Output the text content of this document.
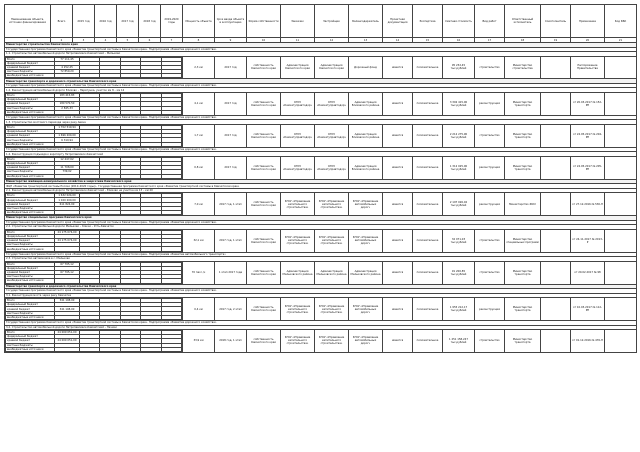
Наименование объекта, источник финансирования	Всего	2015 год	2016 год	2017 год	2018 год	2019-2020 годы	Мощность объекта	Срок ввода объекта в эксплуатацию	Форма собственности	Заказчик	Застройщик	Балансодержатель	Проектная документация	Экспертиза	Сметная стоимость	Вид работ	Ответственный исполнитель	Соисполнитель	Примечание	Код КБК
1	2	3	4	5	6	7	8	9	10	11	12	13	14	15	16	17	18	19	20	21
Министерство строительства Камчатского края
Государственная программа Камчатского края «Развитие транспортной системы в Камчатском крае». Подпрограмма «Развитие дорожного хозяйства»
1.1. Строительство автомобильной дороги Петропавловск-Камчатский – Мильково

Всего	77 111,45					
федеральный бюджет						
краевой бюджет	4 252,25					
местные бюджеты	72 859,20					
внебюджетные источники						
	2,3 км	2017 год	собственность Камчатского края	Администрация Камчатского края	Администрация Камчатского края	Дорожный фонд	имеется	положительное	95 232,45 тыс.рублей	строительство	Министерство строительства		Распоряжение Правительства	
Министерство транспорта и дорожного строительства Камчатского края
Государственная программа Камчатского края «Развитие транспортной системы в Камчатском крае». Подпрограмма «Развитие дорожного хозяйства»
1.2. Реконструкция автомобильной дороги Елизово – Паратунка, участок км 8 – км 12

Всего	183 415,83					
федеральный бюджет						
краевой бюджет	180 570,50					
местные бюджеты	2 845,33					
внебюджетные источники						
	4,1 км	2017 год	собственность Камчатского края	КГКУ «Камчатуправтодор»	КГКУ «Камчатуправтодор»	Администрация Елизовского района	имеется	положительное	3 302 415,00 тыс.рублей	реконструкция	Министерство транспорта		от 20.03.2017 № 152-РП	
Государственная программа Камчатского края «Развитие транспортной системы в Камчатском крае». Подпрограмма «Развитие дорожного хозяйства»
1.3. Строительство мостового перехода через реку Авача

Всего	1 702 519,94					
федеральный бюджет						
краевой бюджет	1 696 200,00					
местные бюджеты	6 319,94					
внебюджетные источники						
	1,7 км	2017 год	собственность Камчатского края	КГКУ «Камчатуправтодор»	КГКУ «Камчатуправтодор»	Администрация Елизовского района	имеется	положительное	2 212 275,90 тыс.рублей	строительство	Министерство транспорта		от 24.05.2017 № 204-РП	
Государственная программа Камчатского края «Развитие транспортной системы в Камчатском крае». Подпрограмма «Развитие дорожного хозяйства»
1.4. Реконструкция подъезда к аэропорту Петропавловск-Камчатский

Всего	12 447,02					
федеральный бюджет						
краевой бюджет	11 708,00					
местные бюджеты	739,02					
внебюджетные источники						
	0,8 км	2017 год	собственность Камчатского края	КГКУ «Камчатуправтодор»	КГКУ «Камчатуправтодор»	Администрация Елизовского района	имеется	положительное	1 312 025,00 тыс.рублей	реконструкция	Министерство транспорта		от 24.05.2017 № 205-РП	
Министерство жилищно-коммунального хозяйства и энергетики Камчатского края
ФЦП «Развитие транспортной системы России (2010–2020 годы)». Государственная программа Камчатского края «Развитие транспортной системы в Камчатском крае»
2.1. Реконструкция автомобильной дороги Петропавловск-Камчатский – Елизово на участке км 13 – км 20

Всего	1 632 024,00					
федеральный бюджет	1 020 200,00					
краевой бюджет	611 824,00					
местные бюджеты						
внебюджетные источники						
	7,0 км	2017 год, 1 этап	собственность Камчатского края	КГКУ «Управление капитального строительства»	КГКУ «Управление капитального строительства»	КГКУ «Управление автомобильных дорог»	имеется	положительное	2 197 026,02 тыс.рублей	реконструкция	Министерство ЖКХ		от 27.12.2016 № 530-П	
Министерство специальных программ Камчатского края
Государственная программа Камчатского края «Развитие транспортной системы в Камчатском крае». Подпрограмма «Развитие дорожного хозяйства»
2.2. Строительство автомобильной дороги Мильково – Ключи – Усть-Камчатск

Всего	24 175 074,00					
федеральный бюджет						
краевой бюджет	24 175 074,00					
местные бюджеты						
внебюджетные источники						
	32,1 км	2017 год, 1 этап	собственность Камчатского края	КГКУ «Управление капитального строительства»	КГКУ «Управление капитального строительства»	КГКУ «Управление автомобильных дорог»	имеется	положительное	32 071,03 тыс.рублей	строительство	Министерство специальных программ		от 24.11.2017 № 2013-Р	
Государственная программа Камчатского края «Развитие транспортной системы в Камчатском крае». Подпрограмма «Развитие автомобильного транспорта»
2.3. Строительство автовокзала в с. Мильково

Всего	67 795,12					
федеральный бюджет						
краевой бюджет	67 795,12					
местные бюджеты						
внебюджетные источники						
	70 пасс./ч	1 этап 2017 года	собственность Камчатского края	Администрация Мильковского района	Администрация Мильковского района	Администрация Мильковского района	имеется	положительное	91 200,85 тыс.рублей	строительство	Министерство транспорта		от 20.02.2017 № 98	
Министерство транспорта и дорожного строительства Камчатского края
Государственная программа Камчатского края «Развитие транспортной системы в Камчатском крае». Подпрограмма «Развитие дорожного хозяйства»
3.1. Реконструкция моста через реку Камчатка

Всего	341 108,00					
федеральный бюджет						
краевой бюджет	341 108,00					
местные бюджеты						
внебюджетные источники						
	0,4 км	2017 год, 2 этап	собственность Камчатского края	КГКУ «Управление капитального строительства»	КГКУ «Управление капитального строительства»	КГКУ «Управление автомобильных дорог»	имеется	положительное	1 955 212,17 тыс.рублей	реконструкция	Министерство транспорта		от 10.03.2017 № 112-РП	
Государственная программа Камчатского края «Развитие транспортной системы в Камчатском крае». Подпрограмма «Развитие дорожного хозяйства»
3.2. Строительство автомобильной дороги Петропавловск-Камчатский – Начики

Всего	24 009 051,00					
федеральный бюджет						
краевой бюджет	24 009 051,00					
местные бюджеты						
внебюджетные источники						
	33,9 км	2018 год, 1 этап	собственность Камчатского края	КГКУ «Управление капитального строительства»	КГКУ «Управление капитального строительства»	КГКУ «Управление автомобильных дорог»	имеется	положительное	1 251 158,247 тыс.рублей	строительство	Министерство транспорта		от 01.12.2016 № 476-П	
